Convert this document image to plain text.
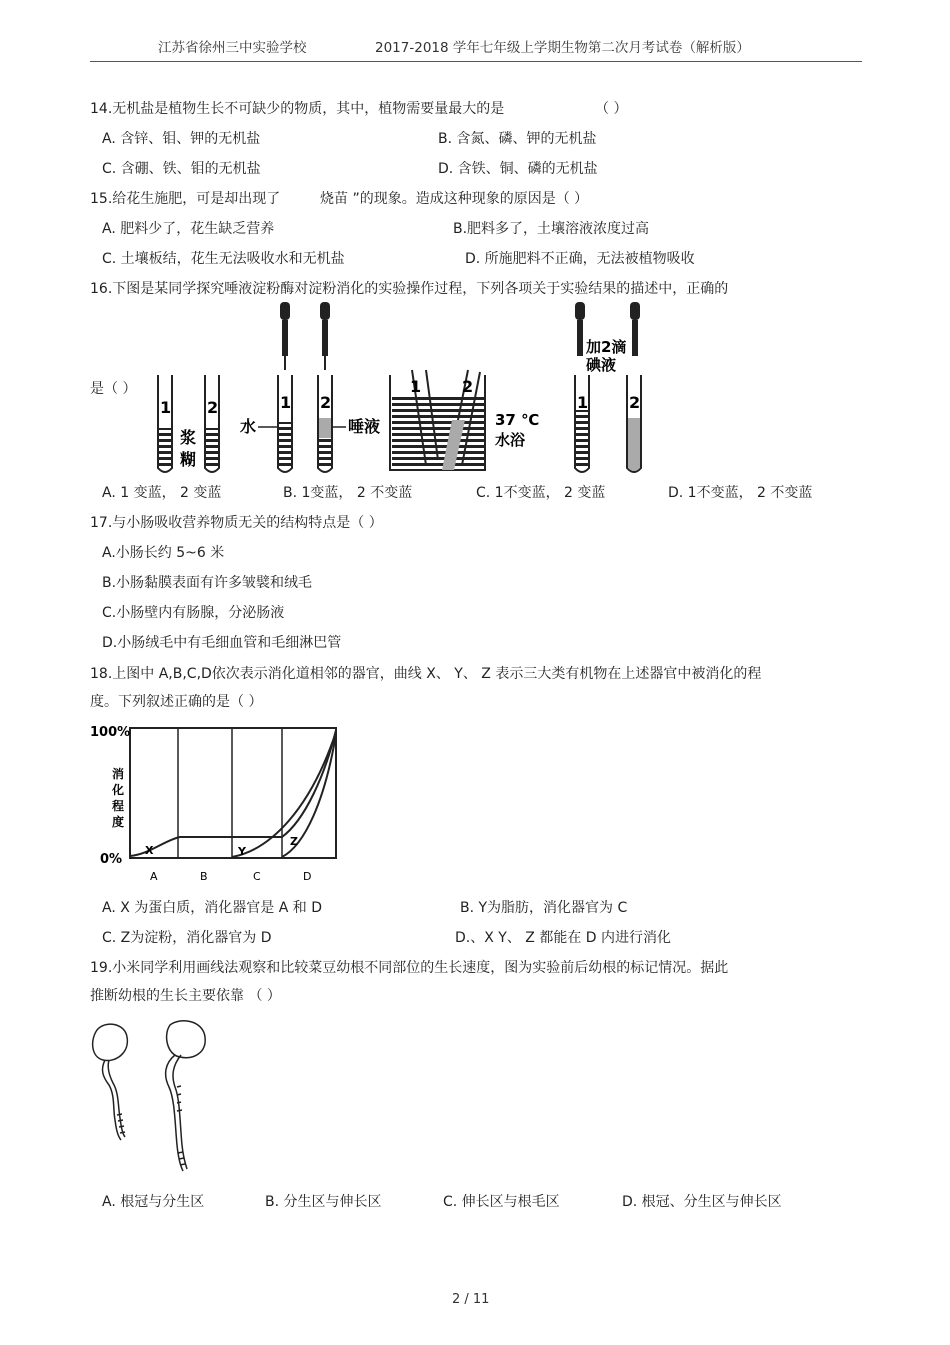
江苏省徐州三中实验学校	2017-2018 学年七年级上学期生物第二次月考试卷（解析版）
14.无机盐是植物生长不可缺少的物质，其中，植物需要量最大的是	（ ）
A. 含锌、钼、钾的无机盐	B. 含氮、磷、钾的无机盐
C. 含硼、铁、钼的无机盐	D. 含铁、铜、磷的无机盐
15.给花生施肥，可是却出现了	烧苗 ”的现象。造成这种现象的原因是（ ）
A. 肥料少了，花生缺乏营养	B.肥料多了，土壤溶液浓度过高
C. 土壤板结，花生无法吸收水和无机盐	D. 所施肥料不正确，无法被植物吸收
16.下图是某同学探究唾液淀粉酶对淀粉消化的实验操作过程，下列各项关于实验结果的描述中，正确的
是（ ）
1 2
浆
糊
1 2
水	唾液
1	2
37 ℃
水浴
加2滴
碘液
1	2
A. 1 变蓝， 2 变蓝	B. 1变蓝， 2 不变蓝	C. 1不变蓝， 2 变蓝	D. 1不变蓝， 2 不变蓝
17.与小肠吸收营养物质无关的结构特点是（ ）
A.小肠长约 5~6 米
B.小肠黏膜表面有许多皱襞和绒毛
C.小肠壁内有肠腺，分泌肠液
D.小肠绒毛中有毛细血管和毛细淋巴管
18.上图中 A,B,C,D依次表示消化道相邻的器官，曲线 X、 Y、 Z 表示三大类有机物在上述器官中被消化的程
度。下列叙述正确的是（ ）
100%
0%
消
化
程
度
A	B	C	D
X	Y
Z
A. X 为蛋白质，消化器官是 A 和 D	B. Y为脂肪，消化器官为 C
C. Z为淀粉，消化器官为 D	D.、X Y、 Z 都能在 D 内进行消化
19.小米同学利用画线法观察和比较菜豆幼根不同部位的生长速度，图为实验前后幼根的标记情况。据此
推断幼根的生长主要依靠 （ ）
A. 根冠与分生区	B. 分生区与伸长区	C. 伸长区与根毛区	D. 根冠、分生区与伸长区
2 / 11
